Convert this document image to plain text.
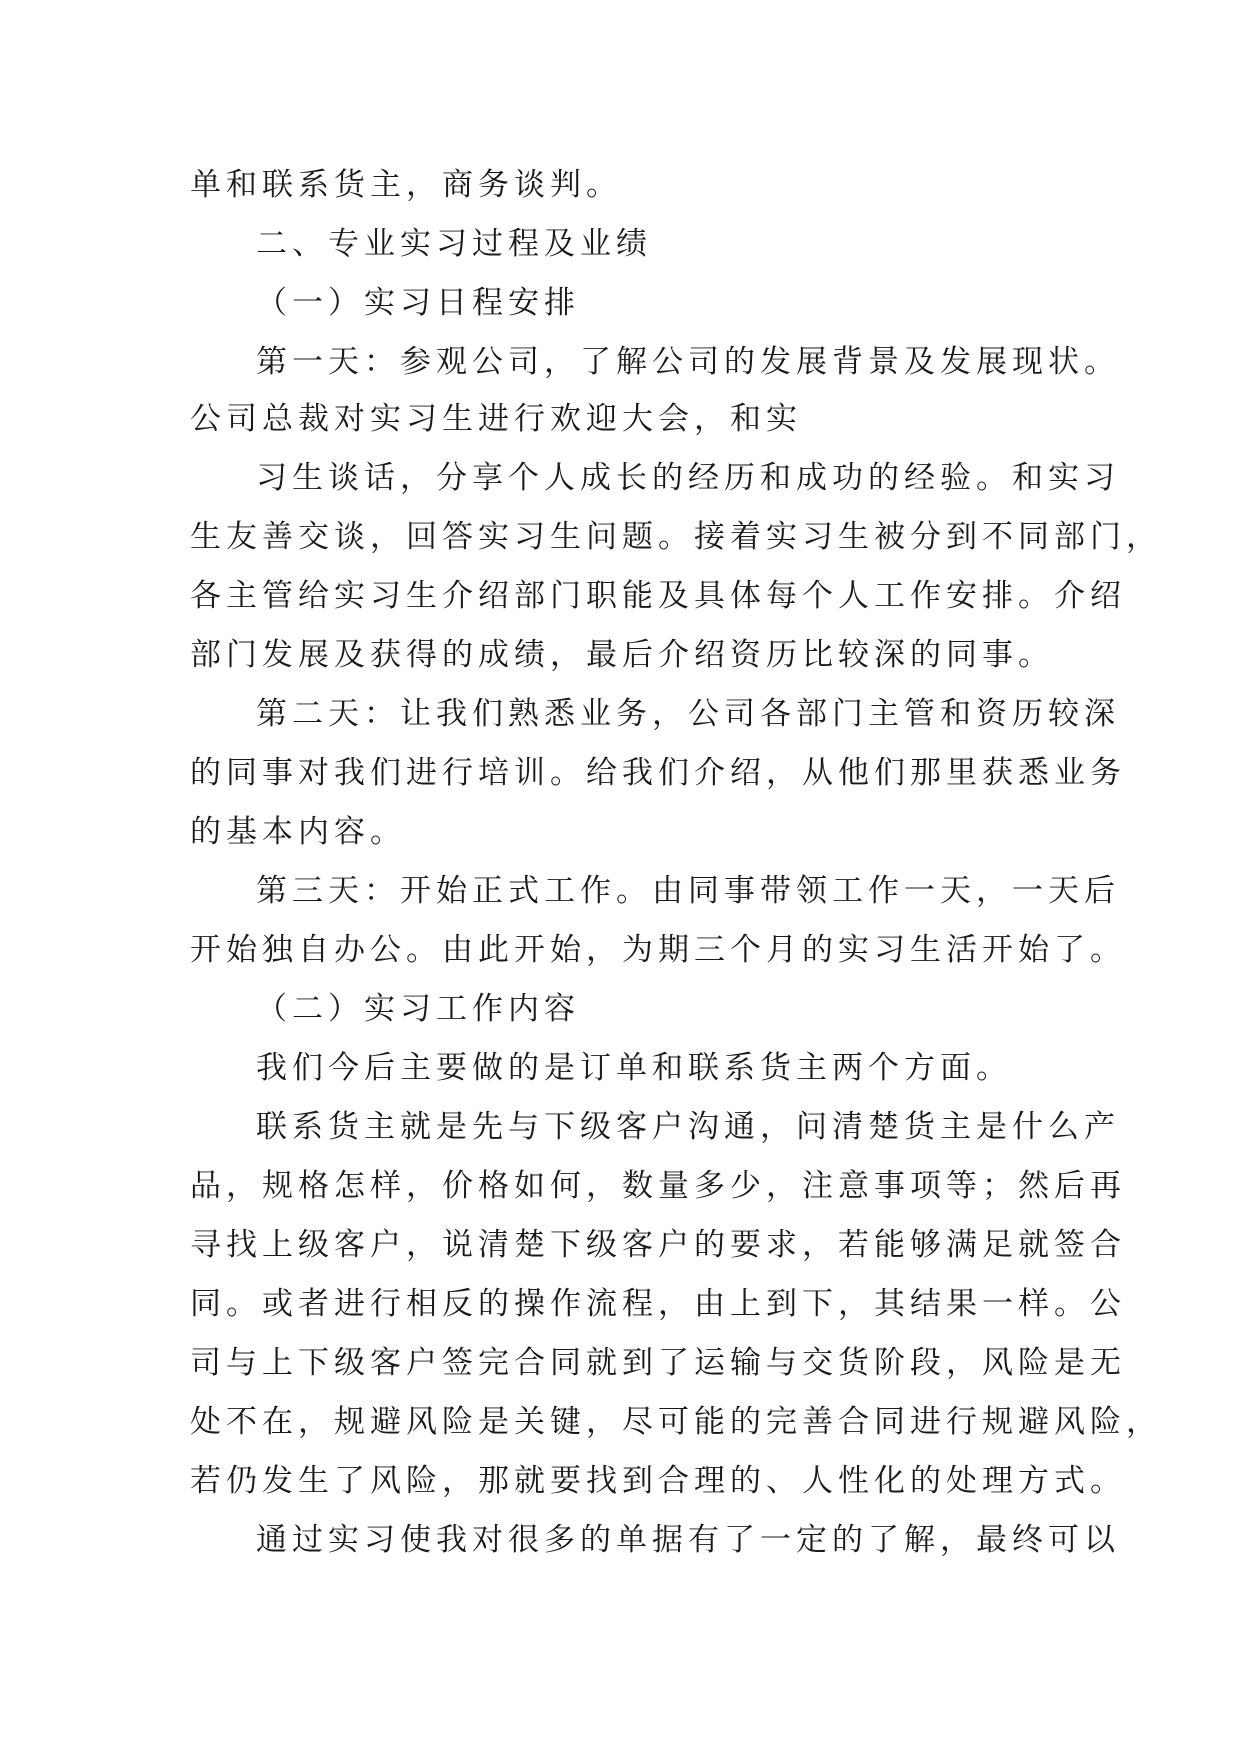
单和联系货主，商务谈判。
二、专业实习过程及业绩
（一）实习日程安排
第一天：参观公司，了解公司的发展背景及发展现状。
公司总裁对实习生进行欢迎大会，和实
习生谈话，分享个人成长的经历和成功的经验。和实习
生友善交谈，回答实习生问题。接着实习生被分到不同部门，
各主管给实习生介绍部门职能及具体每个人工作安排。介绍
部门发展及获得的成绩，最后介绍资历比较深的同事。
第二天：让我们熟悉业务，公司各部门主管和资历较深
的同事对我们进行培训。给我们介绍，从他们那里获悉业务
的基本内容。
第三天：开始正式工作。由同事带领工作一天，一天后
开始独自办公。由此开始，为期三个月的实习生活开始了。
（二）实习工作内容
我们今后主要做的是订单和联系货主两个方面。
联系货主就是先与下级客户沟通，问清楚货主是什么产
品，规格怎样，价格如何，数量多少，注意事项等；然后再
寻找上级客户，说清楚下级客户的要求，若能够满足就签合
同。或者进行相反的操作流程，由上到下，其结果一样。公
司与上下级客户签完合同就到了运输与交货阶段，风险是无
处不在，规避风险是关键，尽可能的完善合同进行规避风险，
若仍发生了风险，那就要找到合理的、人性化的处理方式。
通过实习使我对很多的单据有了一定的了解，最终可以
